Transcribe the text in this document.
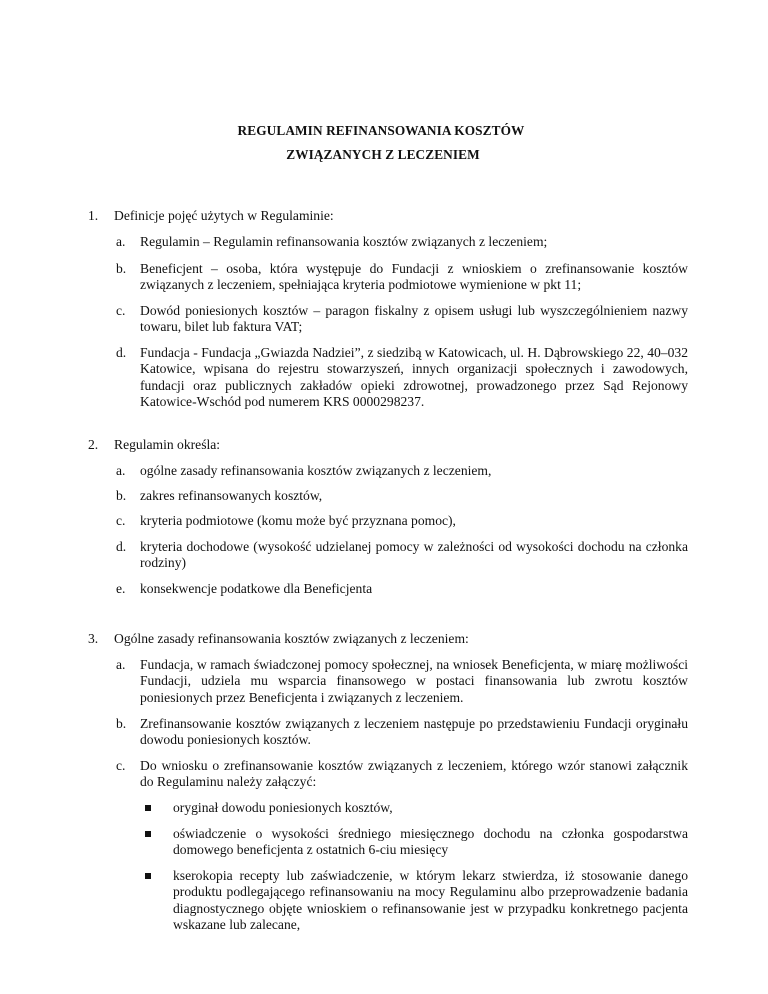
REGULAMIN REFINANSOWANIA KOSZTÓW
ZWIĄZANYCH Z LECZENIEM
1.	Definicje pojęć użytych w Regulaminie:
a.	Regulamin – Regulamin refinansowania kosztów związanych z leczeniem;
b.	Beneficjent – osoba, która występuje do Fundacji z wnioskiem o zrefinansowanie kosztów związanych z leczeniem, spełniająca kryteria podmiotowe wymienione w pkt 11;
c.	Dowód poniesionych kosztów – paragon fiskalny z opisem usługi lub wyszczególnieniem nazwy towaru, bilet lub faktura VAT;
d.	Fundacja - Fundacja „Gwiazda Nadziei”, z siedzibą w Katowicach, ul. H. Dąbrowskiego 22, 40–032 Katowice, wpisana do rejestru stowarzyszeń, innych organizacji społecznych i zawodowych, fundacji oraz publicznych zakładów opieki zdrowotnej, prowadzonego przez Sąd Rejonowy Katowice-Wschód pod numerem KRS 0000298237.
2.	Regulamin określa:
a.	ogólne zasady refinansowania kosztów związanych z leczeniem,
b.	zakres refinansowanych kosztów,
c.	kryteria podmiotowe (komu może być przyznana pomoc),
d.	kryteria dochodowe (wysokość udzielanej pomocy w zależności od wysokości dochodu na członka rodziny)
e.	konsekwencje podatkowe dla Beneficjenta
3.	Ogólne zasady refinansowania kosztów związanych z leczeniem:
a.	Fundacja, w ramach świadczonej pomocy społecznej, na wniosek Beneficjenta, w miarę możliwości Fundacji, udziela mu wsparcia finansowego w postaci finansowania lub zwrotu kosztów poniesionych przez Beneficjenta i związanych z leczeniem.
b.	Zrefinansowanie kosztów związanych z leczeniem następuje po przedstawieniu Fundacji oryginału dowodu poniesionych kosztów.
c.	Do wniosku o zrefinansowanie kosztów związanych z leczeniem, którego wzór stanowi załącznik do Regulaminu należy załączyć:
oryginał dowodu poniesionych kosztów,
oświadczenie o wysokości średniego miesięcznego dochodu na członka gospodarstwa domowego beneficjenta z ostatnich 6-ciu miesięcy
kserokopia recepty lub zaświadczenie, w którym lekarz stwierdza, iż stosowanie danego produktu podlegającego refinansowaniu na mocy Regulaminu albo przeprowadzenie badania diagnostycznego objęte wnioskiem o refinansowanie jest w przypadku konkretnego pacjenta wskazane lub zalecane,
